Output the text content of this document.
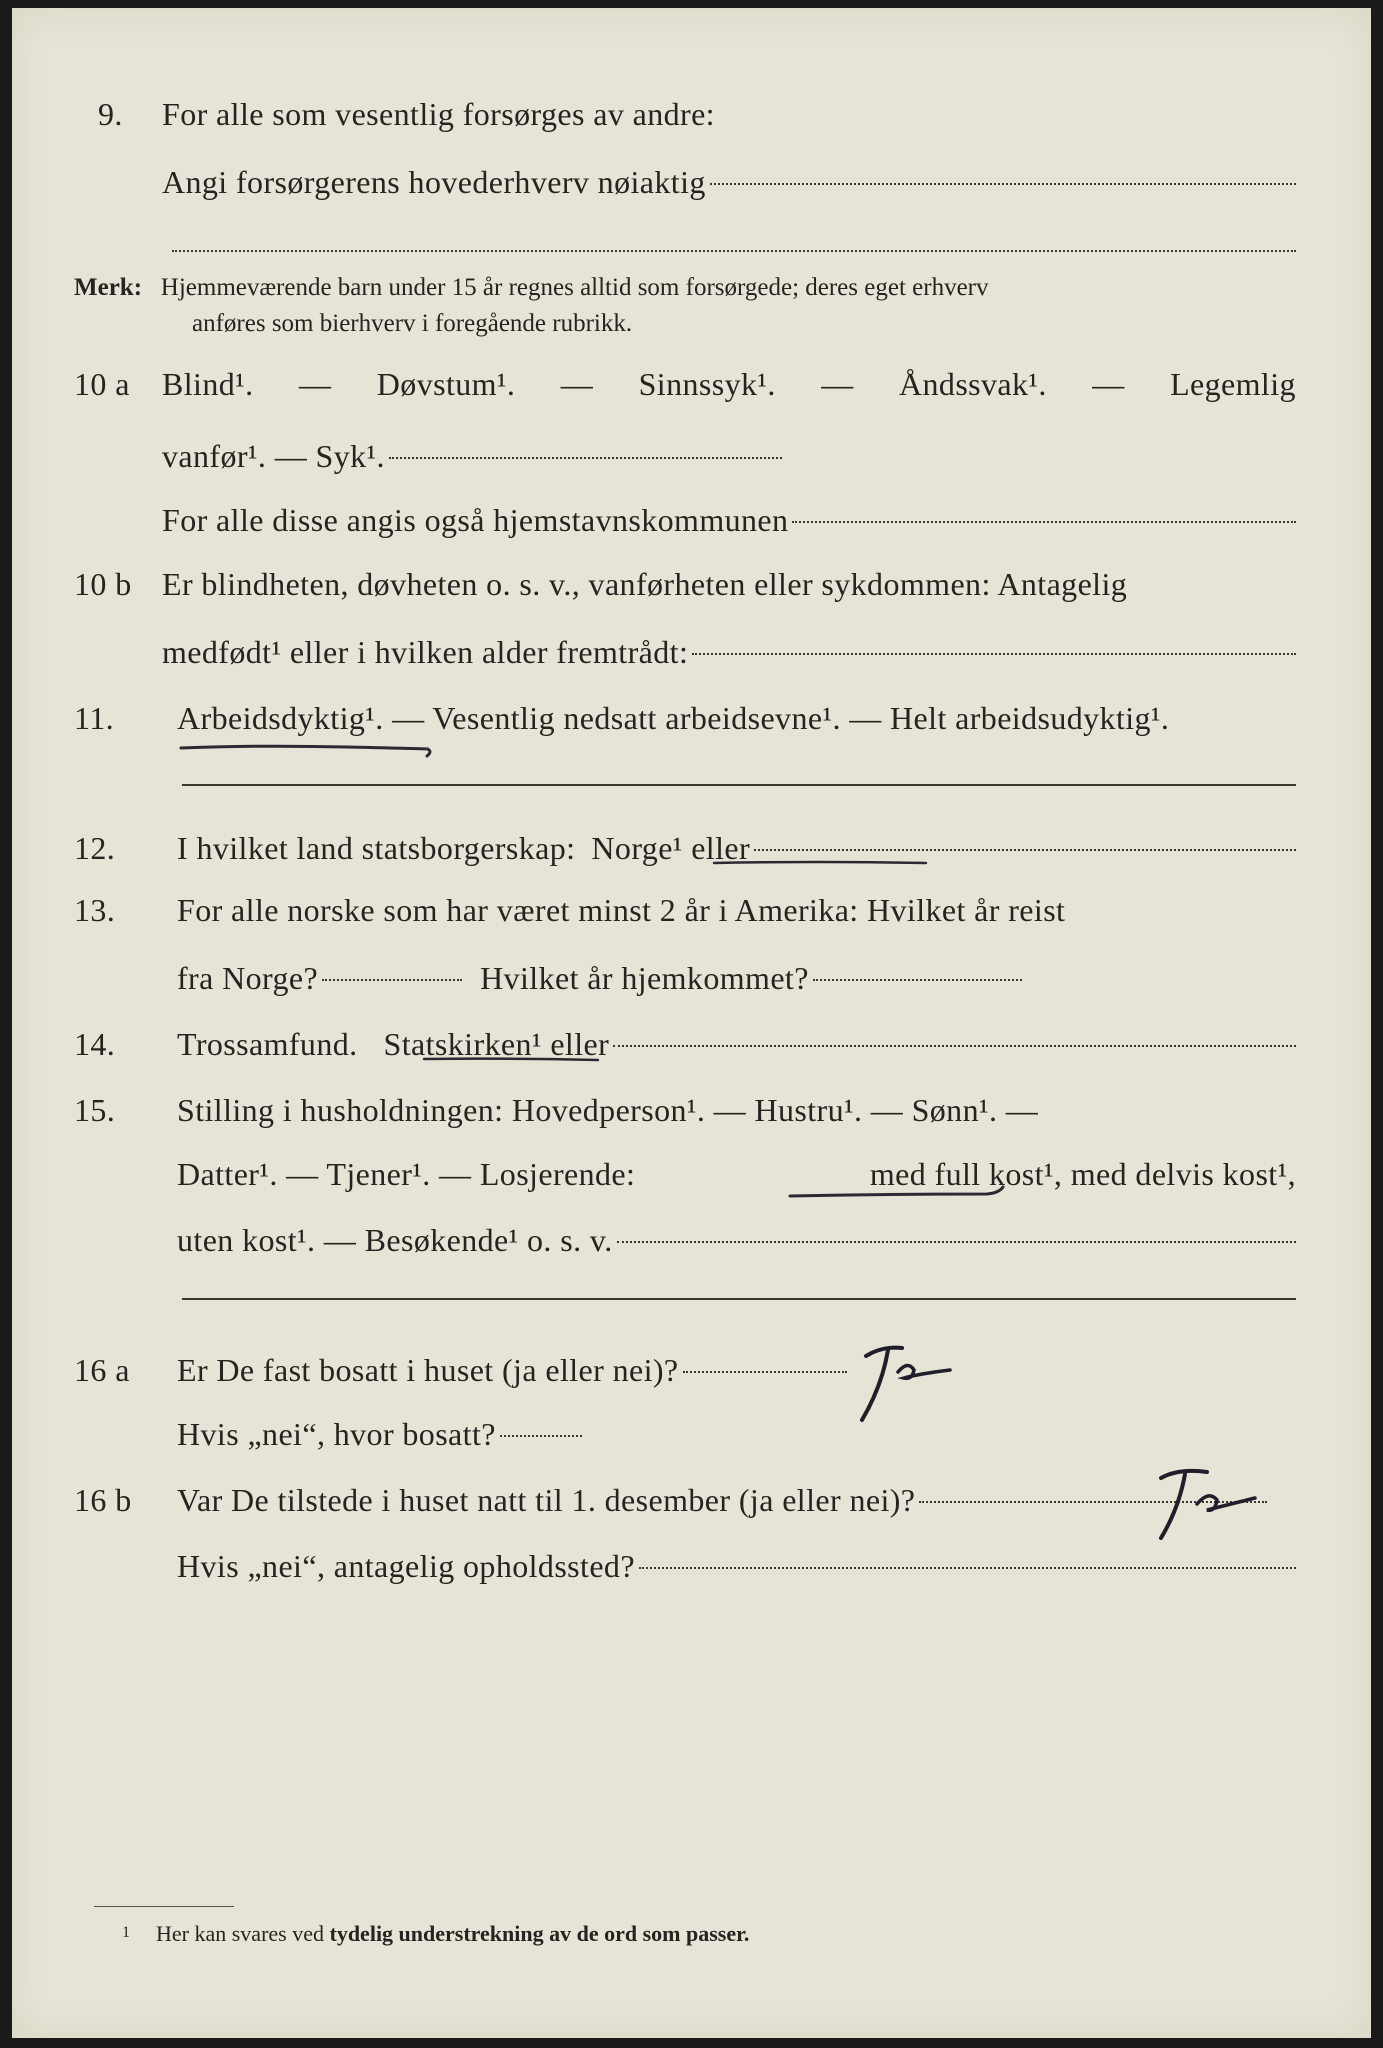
9. For alle som vesentlig forsørges av andre:
Angi forsørgerens hovederhverv nøiaktig
Merk: Hjemmeværende barn under 15 år regnes alltid som forsørgede; deres eget erhverv
anføres som bierhverv i foregående rubrikk.
10 a Blind¹. — Døvstum¹. — Sinnssyk¹. — Åndssvak¹. — Legemlig
vanfør¹. — Syk¹.
For alle disse angis også hjemstavnskommunen
10 b Er blindheten, døvheten o. s. v., vanførheten eller sykdommen: Antagelig
medfødt¹ eller i hvilken alder fremtrådt:
11. Arbeidsdyktig¹. — Vesentlig nedsatt arbeidsevne¹. — Helt arbeidsudyktig¹.
12. I hvilket land statsborgerskap: Norge¹ eller
13. For alle norske som har været minst 2 år i Amerika: Hvilket år reist
fra Norge?	Hvilket år hjemkommet?
14. Trossamfund. Statskirken¹ eller
15. Stilling i husholdningen: Hovedperson¹. — Hustru¹. — Sønn¹. —
Datter¹. — Tjener¹. — Losjerende:	med full kost¹, med delvis kost¹,
uten kost¹. — Besøkende¹ o. s. v.
16 a Er De fast bosatt i huset (ja eller nei)?
Hvis „nei“, hvor bosatt?
16 b Var De tilstede i huset natt til 1. desember (ja eller nei)?
Hvis „nei“, antagelig opholdssted?
$^1$ Her kan svares ved tydelig understrekning av de ord som passer.
